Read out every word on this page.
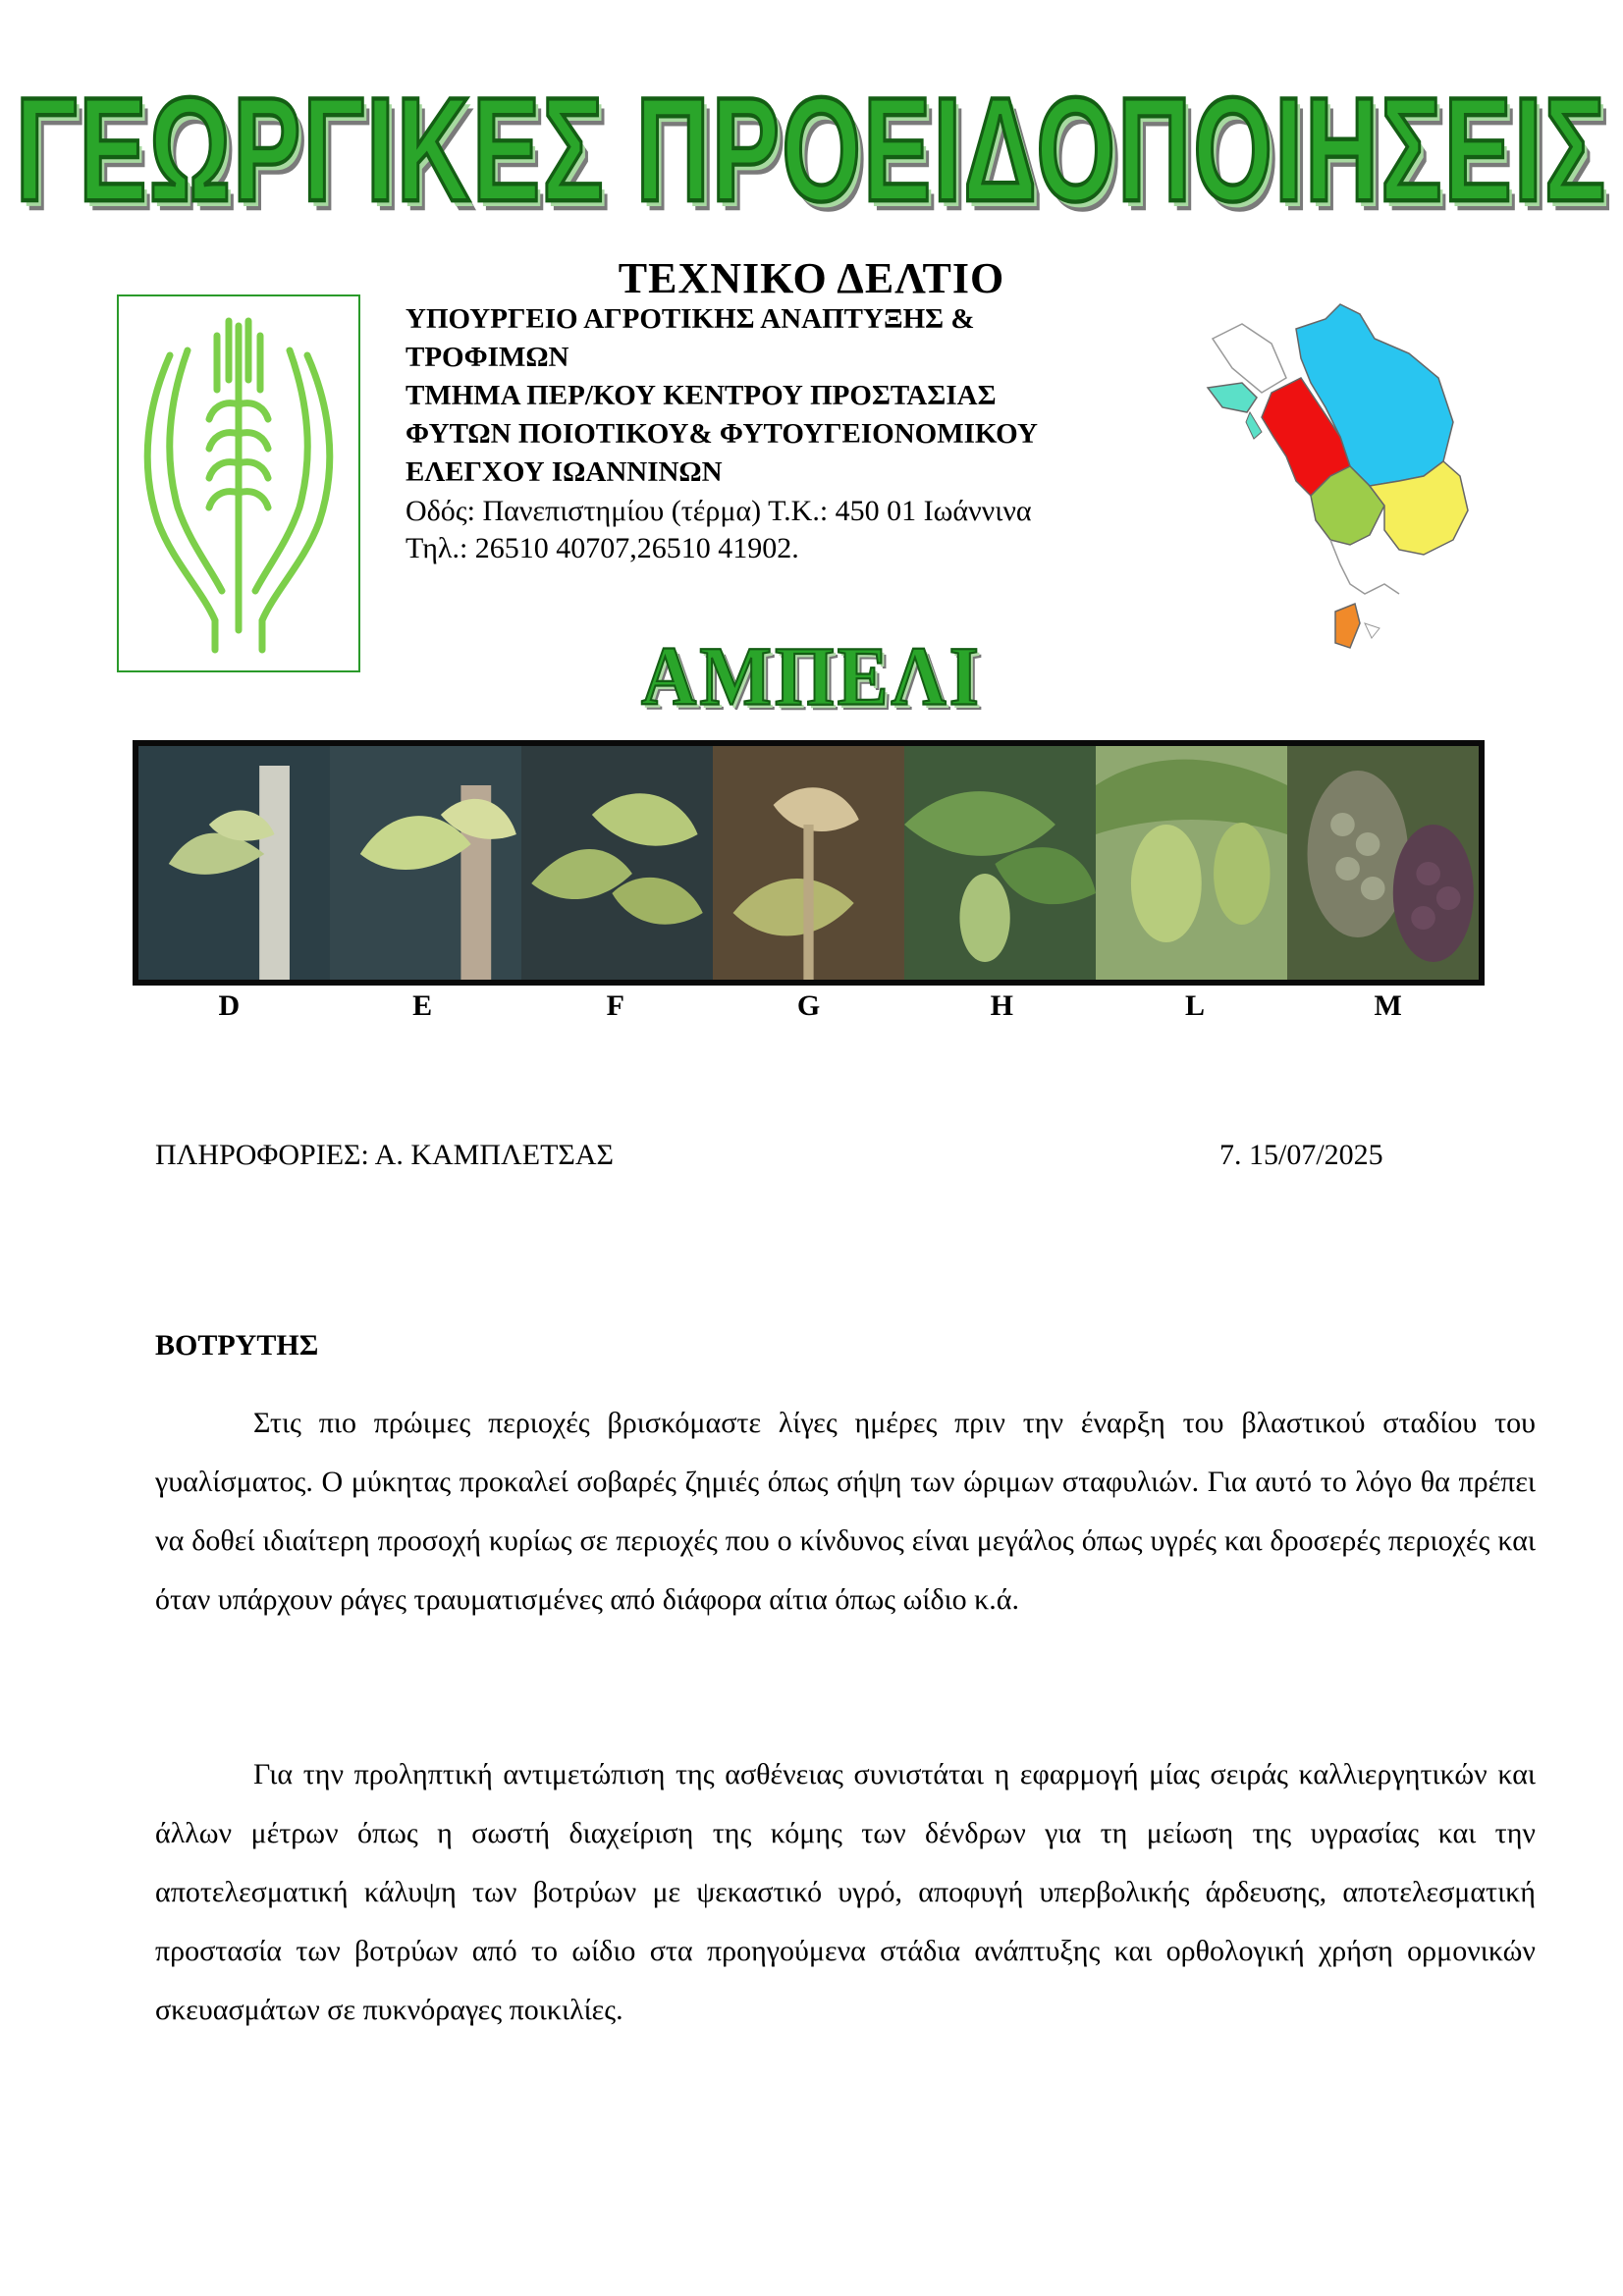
ΓΕΩΡΓΙΚΕΣ ΠΡΟΕΙΔΟΠΟΙΗΣΕΙΣ
ΤΕΧΝΙΚΟ ΔΕΛΤΙΟ
ΥΠΟΥΡΓΕΙΟ ΑΓΡΟΤΙΚΗΣ ΑΝΑΠΤΥΞΗΣ &
ΤΡΟΦΙΜΩΝ
ΤΜΗΜΑ ΠΕΡ/ΚΟΥ ΚΕΝΤΡΟΥ ΠΡΟΣΤΑΣΙΑΣ
ΦΥΤΩΝ ΠΟΙΟΤΙΚΟΥ& ΦΥΤΟΥΓΕΙΟΝΟΜΙΚΟΥ
ΕΛΕΓΧΟΥ ΙΩΑΝΝΙΝΩΝ
Οδός: Πανεπιστημίου (τέρμα) Τ.Κ.: 450 01 Ιωάννινα
Τηλ.: 26510 40707,26510 41902.
ΑΜΠΕΛΙ
D	E	F	G	H	L	M
ΠΛΗΡΟΦΟΡΙΕΣ: Α. ΚΑΜΠΛΕΤΣΑΣ	7. 15/07/2025
ΒΟΤΡΥΤΗΣ

Στις πιο πρώιμες περιοχές βρισκόμαστε λίγες ημέρες πριν την έναρξη του βλαστικού σταδίου του γυαλίσματος. Ο μύκητας προκαλεί σοβαρές ζημιές όπως σήψη των ώριμων σταφυλιών. Για αυτό το λόγο θα πρέπει να δοθεί ιδιαίτερη προσοχή κυρίως σε περιοχές που ο κίνδυνος είναι μεγάλος όπως υγρές και δροσερές περιοχές και όταν υπάρχουν ράγες τραυματισμένες από διάφορα αίτια όπως ωίδιο κ.ά.

Για την προληπτική αντιμετώπιση της ασθένειας συνιστάται η εφαρμογή μίας σειράς καλλιεργητικών και άλλων μέτρων όπως η σωστή διαχείριση της κόμης των δένδρων για τη μείωση της υγρασίας και την αποτελεσματική κάλυψη των βοτρύων με ψεκαστικό υγρό, αποφυγή υπερβολικής άρδευσης, αποτελεσματική προστασία των βοτρύων από το ωίδιο στα προηγούμενα στάδια ανάπτυξης και ορθολογική χρήση ορμονικών σκευασμάτων σε πυκνόραγες ποικιλίες.
